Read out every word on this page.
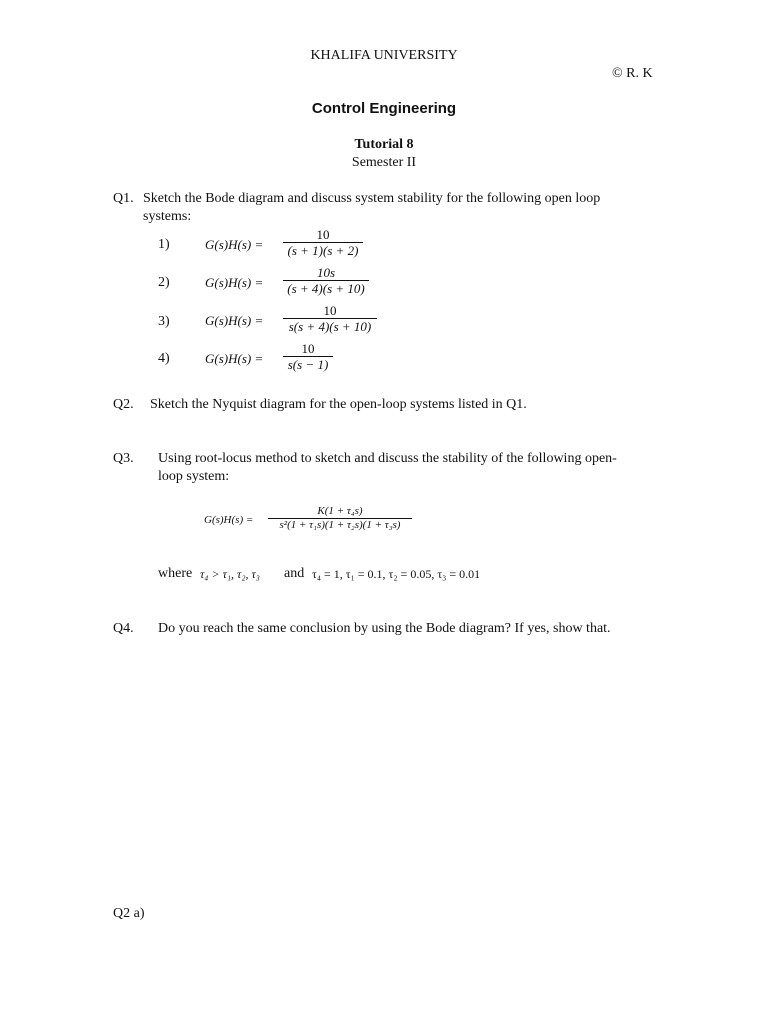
KHALIFA UNIVERSITY
© R. K
Control Engineering
Tutorial 8
Semester II
Q1. Sketch the Bode diagram and discuss system stability for the following open loop
systems:
1)	G(s)H(s) =
10
(s + 1)(s + 2)
2)	G(s)H(s) =
10s
(s + 4)(s + 10)
3)	G(s)H(s) =
10
s(s + 4)(s + 10)
4)	G(s)H(s) =
10
s(s − 1)
Q2. Sketch the Nyquist diagram for the open-loop systems listed in Q1.
Q3. Using root-locus method to sketch and discuss the stability of the following open-
loop system:
G(s)H(s) =
K(1 + τ₄s)
s²(1 + τ₁s)(1 + τ₂s)(1 + τ₃s)
where τ₄ > τ₁, τ₂, τ₃ and τ₄ = 1, τ₁ = 0.1, τ₂ = 0.05, τ₃ = 0.01
Q4. Do you reach the same conclusion by using the Bode diagram? If yes, show that.
Q2 a)
